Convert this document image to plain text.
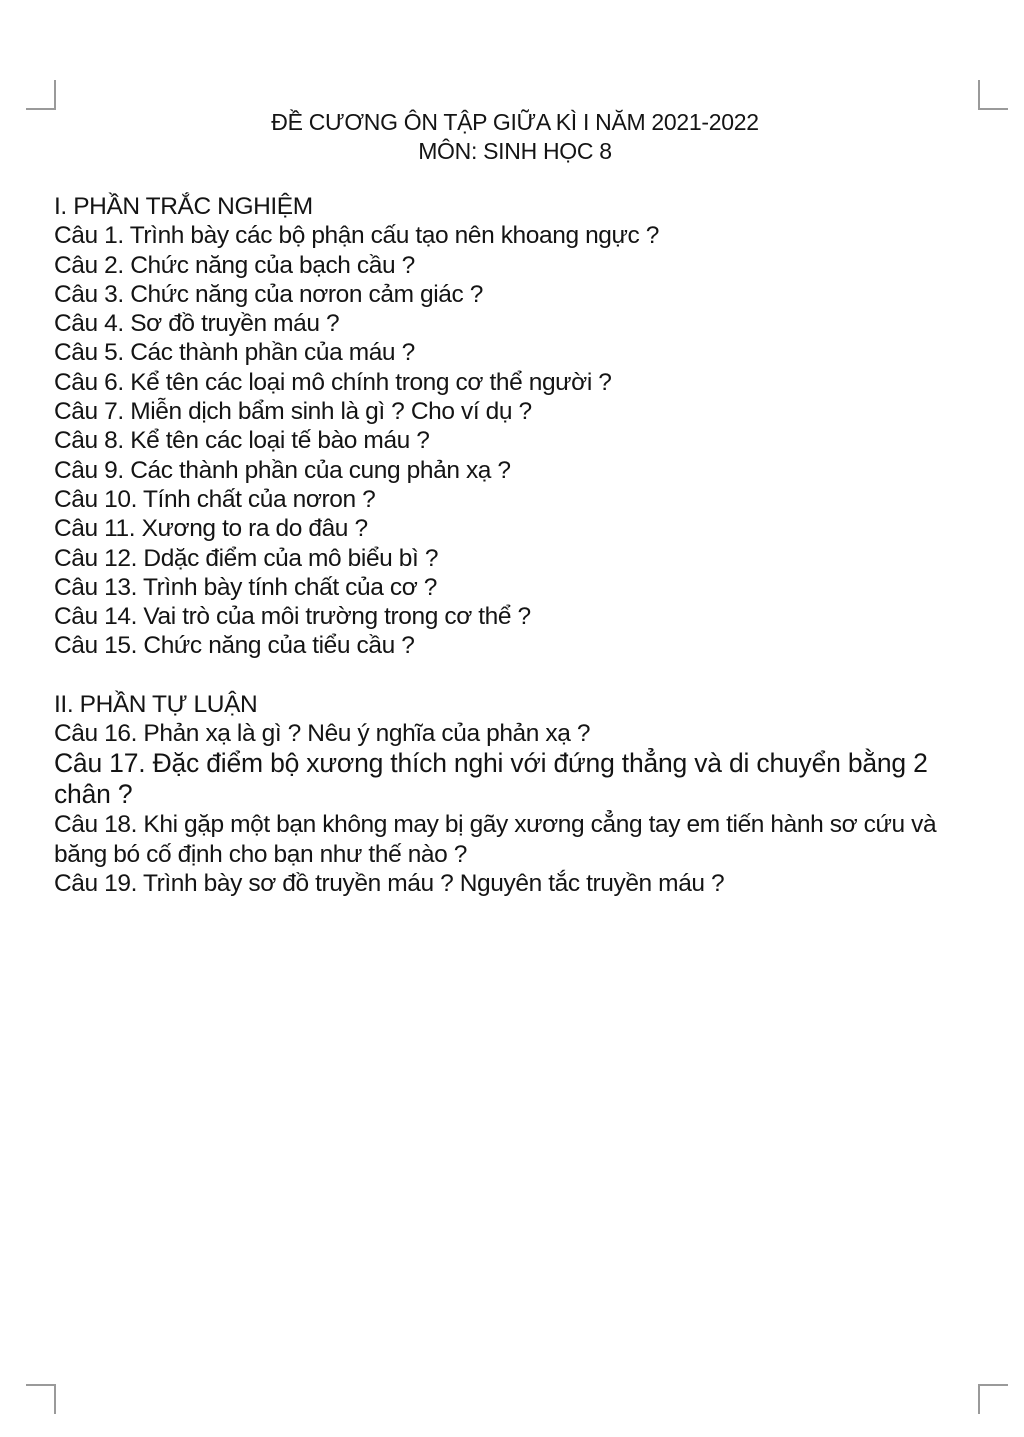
ĐỀ CƯƠNG ÔN TẬP GIỮA KÌ I NĂM 2021-2022
MÔN: SINH HỌC 8
I. PHẦN TRẮC NGHIỆM
Câu 1. Trình bày các bộ phận cấu tạo nên khoang ngực ?
Câu 2. Chức năng của bạch cầu ?
Câu 3. Chức năng của nơron cảm giác ?
Câu 4. Sơ đồ truyền máu ?
Câu 5. Các thành phần của máu ?
Câu 6. Kể tên các loại mô chính trong cơ thể người ?
Câu 7. Miễn dịch bẩm sinh là gì ? Cho ví dụ ?
Câu 8. Kể tên các loại tế bào máu ?
Câu 9. Các thành phần của cung phản xạ ?
Câu 10. Tính chất của nơron ?
Câu 11. Xương to ra do đâu ?
Câu 12. Ddặc điểm của mô biểu bì ?
Câu 13. Trình bày tính chất của cơ ?
Câu 14. Vai trò của môi trường trong cơ thể ?
Câu 15. Chức năng của tiểu cầu ?
II. PHẦN TỰ LUẬN
Câu 16. Phản xạ là gì ? Nêu ý nghĩa của phản xạ ?
Câu 17. Đặc điểm bộ xương thích nghi với đứng thẳng và di chuyển bằng 2 chân ?
Câu 18. Khi gặp một bạn không may bị gãy xương cẳng tay em tiến hành sơ cứu và băng bó cố định cho bạn như thế nào ?
Câu 19. Trình bày sơ đồ truyền máu ? Nguyên tắc truyền máu ?
